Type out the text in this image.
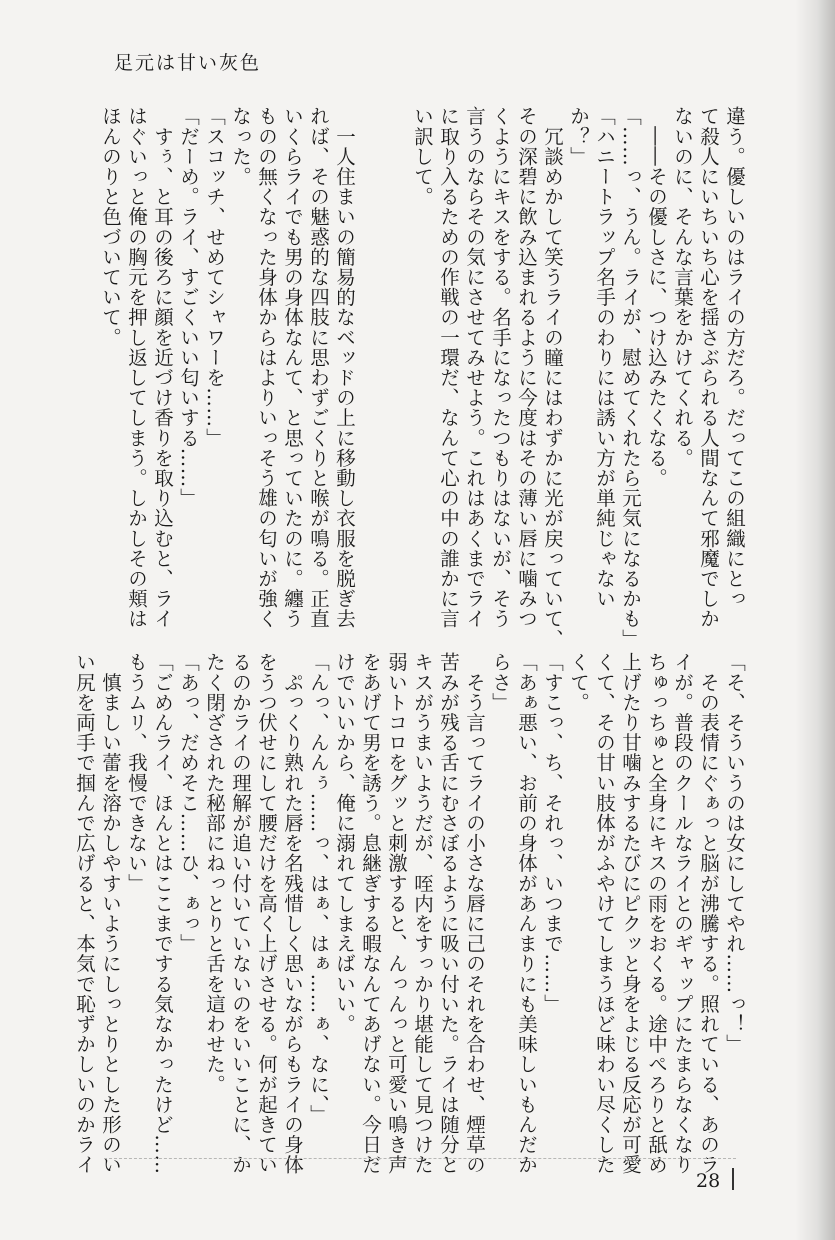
足元は甘い灰色
違う。優しいのはライの方だろ。だってこの組織にとっ
て殺人にいちいち心を揺さぶられる人間なんて邪魔でしか
ないのに、そんな言葉をかけてくれる。
　――その優しさに、つけ込みたくなる。
「……っ、うん。ライが、慰めてくれたら元気になるかも」
「ハニートラップ名手のわりには誘い方が単純じゃない
か？」
　冗談めかして笑うライの瞳にはわずかに光が戻っていて、
その深碧に飲み込まれるように今度はその薄い唇に噛みつ
くようにキスをする。名手になったつもりはないが、そう
言うのならその気にさせてみせよう。これはあくまでライ
に取り入るための作戦の一環だ、なんて心の中の誰かに言
い訳して。

　一人住まいの簡易的なベッドの上に移動し衣服を脱ぎ去
れば、その魅惑的な四肢に思わずごくりと喉が鳴る。正直
いくらライでも男の身体なんて、と思っていたのに。纏う
ものの無くなった身体からはよりいっそう雄の匂いが強く
なった。
「スコッチ、せめてシャワーを……」
「だーめ。ライ、すごくいい匂いする……」
　すぅ、と耳の後ろに顔を近づけ香りを取り込むと、ライ
はぐいっと俺の胸元を押し返してしまう。しかしその頬は
ほんのりと色づいていて。
「そ、そういうのは女にしてやれ……っ！」
　その表情にぐぁっと脳が沸騰する。照れている、あのラ
イが。普段のクールなライとのギャップにたまらなくなり
ちゅっちゅと全身にキスの雨をおくる。途中ぺろりと舐め
上げたり甘噛みするたびにピクッと身をよじる反応が可愛
くて、その甘い肢体がふやけてしまうほど味わい尽くした
くて。
「すこっ、ち、それっ、いつまで……」
「あぁ悪い、お前の身体があんまりにも美味しいもんだか
らさ」
　そう言ってライの小さな唇に己のそれを合わせ、煙草の
苦みが残る舌にむさぼるように吸い付いた。ライは随分と
キスがうまいようだが、咥内をすっかり堪能して見つけた
弱いトコロをグッと刺激すると、んっんっと可愛い鳴き声
をあげて男を誘う。息継ぎする暇なんてあげない。今日だ
けでいいから、俺に溺れてしまえばいい。
「んっ、んんぅ……っ、はぁ、はぁ……ぁ、なに、」
　ぷっくり熟れた唇を名残惜しく思いながらもライの身体
をうつ伏せにして腰だけを高く上げさせる。何が起きてい
るのかライの理解が追い付いていないのをいいことに、か
たく閉ざされた秘部にねっとりと舌を這わせた。
「あっ、だめそこ……ひ、ぁっ」
「ごめんライ、ほんとはここまでする気なかったけど……
もうムリ、我慢できない」
　慎ましい蕾を溶かしやすいようにしっとりとした形のい
い尻を両手で掴んで広げると、本気で恥ずかしいのかライ
28
